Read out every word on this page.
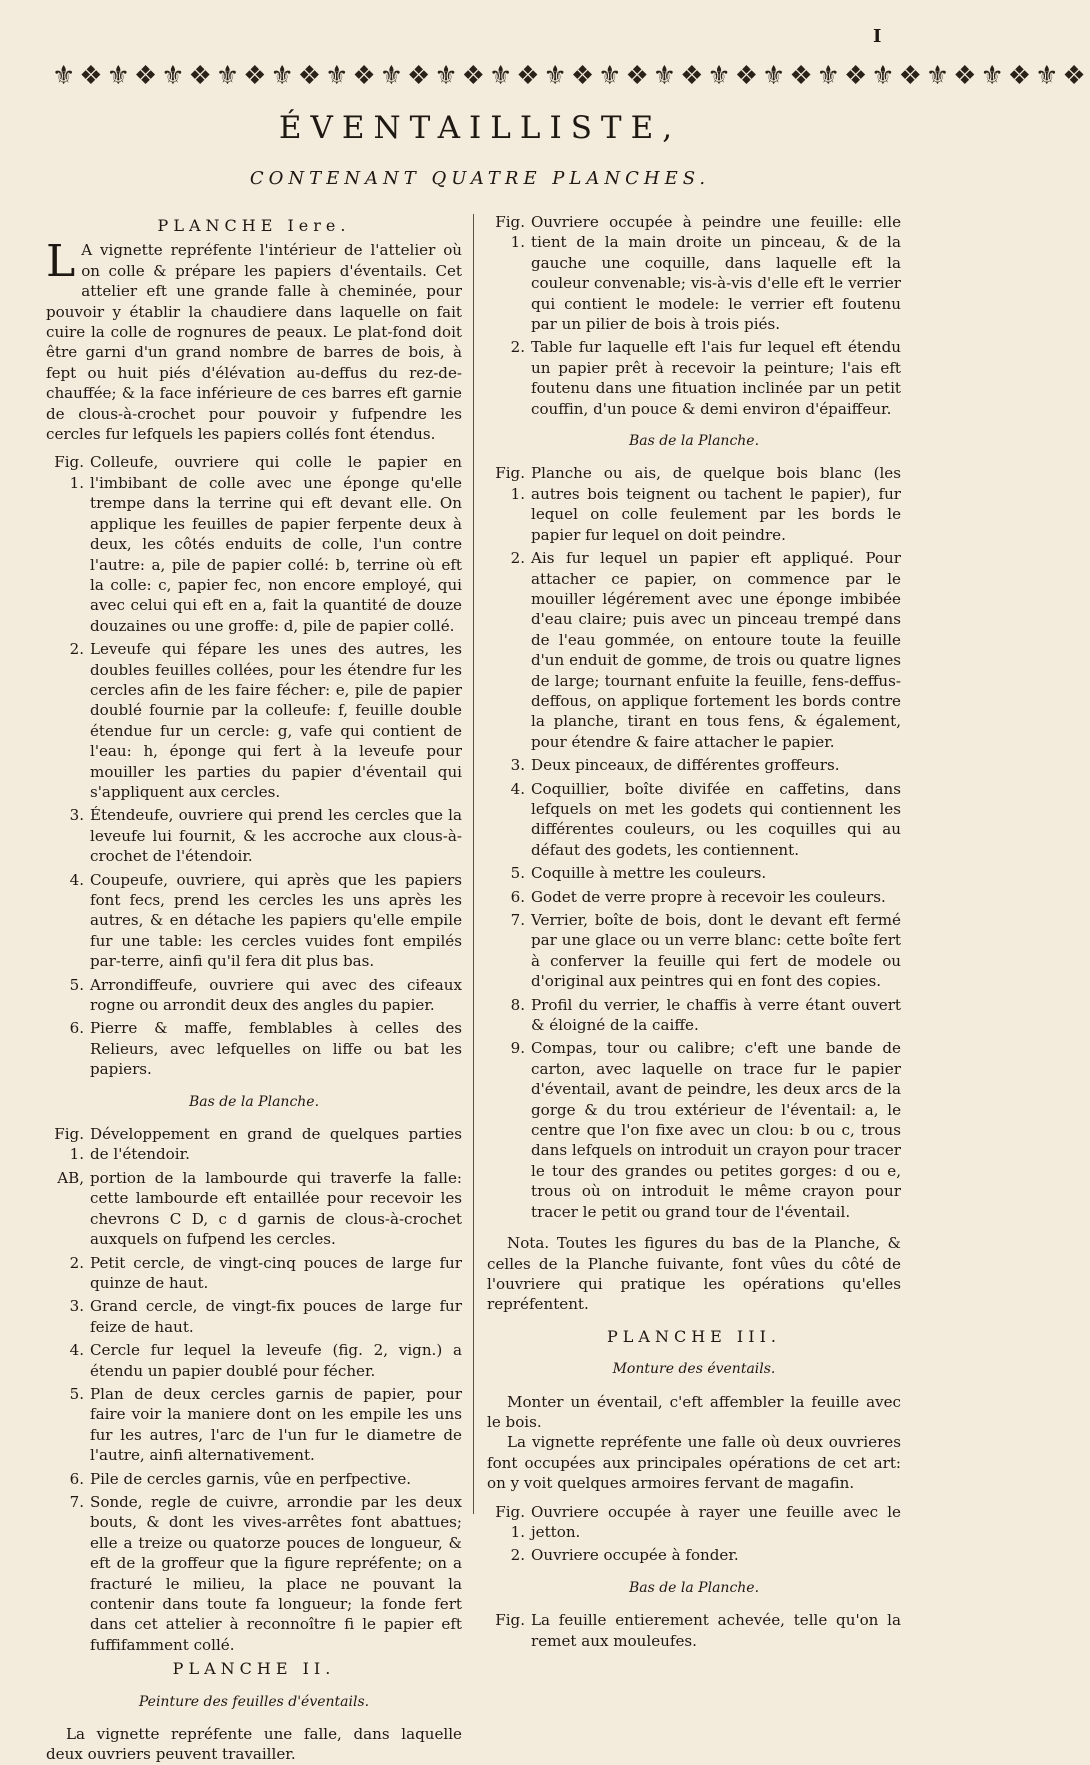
I
⚜❖⚜❖⚜❖⚜❖⚜❖⚜❖⚜❖⚜❖⚜❖⚜❖⚜❖⚜❖⚜❖⚜❖⚜❖⚜❖⚜❖⚜❖⚜❖
ÉVENTAILLISTE,
CONTENANT QUATRE PLANCHES.
PLANCHE Iere.

L A vignette repréfente l'intérieur de l'attelier où on colle & prépare les papiers d'éventails. Cet attelier eft une grande falle à cheminée, pour pouvoir y établir la chaudiere dans laquelle on fait cuire la colle de rognures de peaux. Le plat-fond doit être garni d'un grand nombre de barres de bois, à fept ou huit piés d'élévation au-deffus du rez-de-chauffée; & la face inférieure de ces barres eft garnie de clous-à-crochet pour pouvoir y fufpendre les cercles fur lefquels les papiers collés font étendus.

Fig. 1.
Colleufe, ouvriere qui colle le papier en l'imbibant de colle avec une éponge qu'elle trempe dans la terrine qui eft devant elle. On applique les feuilles de papier ferpente deux à deux, les côtés enduits de colle, l'un contre l'autre: a, pile de papier collé: b, terrine où eft la colle: c, papier fec, non encore employé, qui avec celui qui eft en a, fait la quantité de douze douzaines ou une groffe: d, pile de papier collé.
2. Leveufe qui fépare les unes des autres, les doubles feuilles collées, pour les étendre fur les cercles afin de les faire fécher: e, pile de papier doublé fournie par la colleufe: f, feuille double étendue fur un cercle: g, vafe qui contient de l'eau: h, éponge qui fert à la leveufe pour mouiller les parties du papier d'éventail qui s'appliquent aux cercles.
3. Étendeufe, ouvriere qui prend les cercles que la leveufe lui fournit, & les accroche aux clous-à-crochet de l'étendoir.
4. Coupeufe, ouvriere, qui après que les papiers font fecs, prend les cercles les uns après les autres, & en détache les papiers qu'elle empile fur une table: les cercles vuides font empilés par-terre, ainfi qu'il fera dit plus bas.
5. Arrondiffeufe, ouvriere qui avec des cifeaux rogne ou arrondit deux des angles du papier.
6. Pierre & maffe, femblables à celles des Relieurs, avec lefquelles on liffe ou bat les papiers.
Bas de la Planche.
Fig. 1.
Développement en grand de quelques parties de l'étendoir.
AB, portion de la lambourde qui traverfe la falle: cette lambourde eft entaillée pour recevoir les chevrons C D, c d garnis de clous-à-crochet auxquels on fufpend les cercles.
2. Petit cercle, de vingt-cinq pouces de large fur quinze de haut.
3. Grand cercle, de vingt-fix pouces de large fur feize de haut.
4. Cercle fur lequel la leveufe (fig. 2, vign.) a étendu un papier doublé pour fécher.
5. Plan de deux cercles garnis de papier, pour faire voir la maniere dont on les empile les uns fur les autres, l'arc de l'un fur le diametre de l'autre, ainfi alternativement.
6. Pile de cercles garnis, vûe en perfpective.
7. Sonde, regle de cuivre, arrondie par les deux bouts, & dont les vives-arrêtes font abattues; elle a treize ou quatorze pouces de longueur, & eft de la groffeur que la figure repréfente; on a fracturé le milieu, la place ne pouvant la contenir dans toute fa longueur; la fonde fert dans cet attelier à reconnoître fi le papier eft fuffifamment collé.
PLANCHE II.
Peinture des feuilles d'éventails.

La vignette repréfente une falle, dans laquelle deux ouvriers peuvent travailler.

Fig. 1.
Ouvriere occupée à peindre une feuille: elle tient de la main droite un pinceau, & de la gauche une coquille, dans laquelle eft la couleur convenable; vis-à-vis d'elle eft le verrier qui contient le modele: le verrier eft foutenu par un pilier de bois à trois piés.
2. Table fur laquelle eft l'ais fur lequel eft étendu un papier prêt à recevoir la peinture; l'ais eft foutenu dans une fituation inclinée par un petit couffin, d'un pouce & demi environ d'épaiffeur.
Bas de la Planche.
Fig. 1.
Planche ou ais, de quelque bois blanc (les autres bois teignent ou tachent le papier), fur lequel on colle feulement par les bords le papier fur lequel on doit peindre.
2. Ais fur lequel un papier eft appliqué. Pour attacher ce papier, on commence par le mouiller légérement avec une éponge imbibée d'eau claire; puis avec un pinceau trempé dans de l'eau gommée, on entoure toute la feuille d'un enduit de gomme, de trois ou quatre lignes de large; tournant enfuite la feuille, fens-deffus-deffous, on applique fortement les bords contre la planche, tirant en tous fens, & également, pour étendre & faire attacher le papier.
3. Deux pinceaux, de différentes groffeurs.
4. Coquillier, boîte divifée en caffetins, dans lefquels on met les godets qui contiennent les différentes couleurs, ou les coquilles qui au défaut des godets, les contiennent.
5. Coquille à mettre les couleurs.
6. Godet de verre propre à recevoir les couleurs.
7. Verrier, boîte de bois, dont le devant eft fermé par une glace ou un verre blanc: cette boîte fert à conferver la feuille qui fert de modele ou d'original aux peintres qui en font des copies.
8. Profil du verrier, le chaffis à verre étant ouvert & éloigné de la caiffe.
9. Compas, tour ou calibre; c'eft une bande de carton, avec laquelle on trace fur le papier d'éventail, avant de peindre, les deux arcs de la gorge & du trou extérieur de l'éventail: a, le centre que l'on fixe avec un clou: b ou c, trous dans lefquels on introduit un crayon pour tracer le tour des grandes ou petites gorges: d ou e, trous où on introduit le même crayon pour tracer le petit ou grand tour de l'éventail.

Nota. Toutes les figures du bas de la Planche, & celles de la Planche fuivante, font vûes du côté de l'ouvriere qui pratique les opérations qu'elles repréfentent.

PLANCHE III.
Monture des éventails.

Monter un éventail, c'eft affembler la feuille avec le bois.

La vignette repréfente une falle où deux ouvrieres font occupées aux principales opérations de cet art: on y voit quelques armoires fervant de magafin.

Fig. 1.
Ouvriere occupée à rayer une feuille avec le jetton.
2. Ouvriere occupée à fonder.
Bas de la Planche.
Fig. La feuille entierement achevée, telle qu'on la remet aux mouleufes.
